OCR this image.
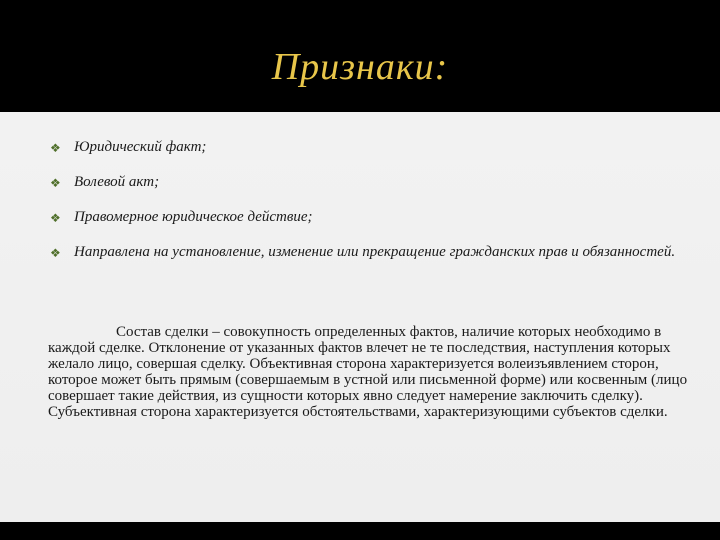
Признаки:
❖ Юридический факт;
❖ Волевой акт;
❖ Правомерное юридическое действие;
❖ Направлена на установление, изменение или прекращение гражданских прав и обязанностей.

Состав сделки – совокупность определенных фактов, наличие которых необходимо в каждой сделке. Отклонение от указанных фактов влечет не те последствия, наступления которых желало лицо, совершая сделку. Объективная сторона характеризуется волеизъявлением сторон, которое может быть прямым (совершаемым в устной или письменной форме) или косвенным (лицо совершает такие действия, из сущности которых явно следует намерение заключить сделку). Субъективная сторона характеризуется обстоятельствами, характеризующими субъектов сделки.
